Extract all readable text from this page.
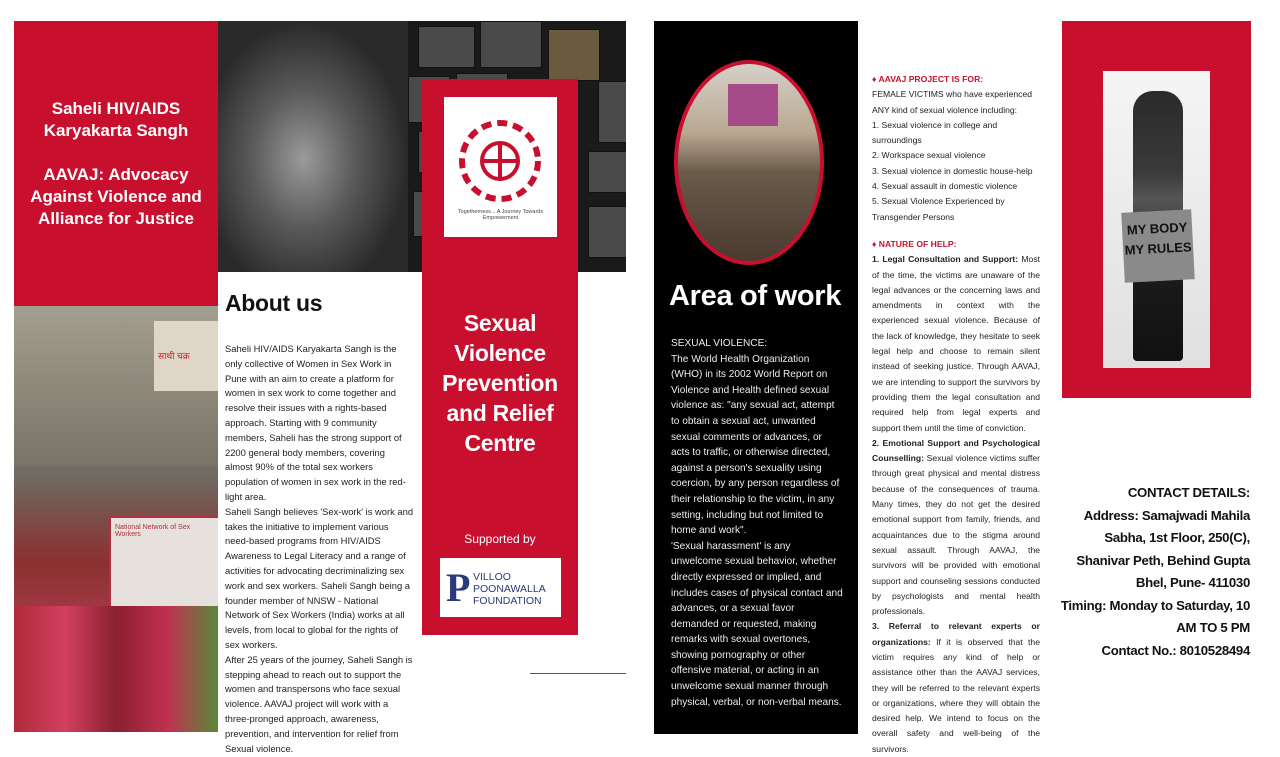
Saheli HIV/AIDS
Karyakarta Sangh
AAVAJ: Advocacy
Against Violence and
Alliance for Justice
साथी चक्र
National Network of Sex Workers
About us

Saheli HIV/AIDS Karyakarta Sangh is the only collective of Women in Sex Work in Pune with an aim to create a platform for women in sex work to come together and resolve their issues with a rights-based approach. Starting with 9 community members, Saheli has the strong support of 2200 general body members, covering almost 90% of the total sex workers population of women in sex work in the red-light area.

Saheli Sangh believes 'Sex-work' is work and takes the initiative to implement various need-based programs from HIV/AIDS Awareness to Legal Literacy and a range of activities for advocating decriminalizing sex work and sex workers. Saheli Sangh being a founder member of NNSW - National Network of Sex Workers (India) works at all levels, from local to global for the rights of sex workers.

After 25 years of the journey, Saheli Sangh is stepping ahead to reach out to support the women and transpersons who face sexual violence. AAVAJ project will work with a three-pronged approach, awareness, prevention, and intervention for relief from Sexual violence.

Togetherness... A Journey Towards Empowerment
Sexual
Violence
Prevention
and Relief
Centre
Supported by
P VILLOO
POONAWALLA
FOUNDATION
Area of work

SEXUAL VIOLENCE:

The World Health Organization (WHO) in its 2002 World Report on Violence and Health defined sexual violence as: "any sexual act, attempt to obtain a sexual act, unwanted sexual comments or advances, or acts to traffic, or otherwise directed, against a person's sexuality using coercion, by any person regardless of their relationship to the victim, in any setting, including but not limited to home and work".

'Sexual harassment' is any unwelcome sexual behavior, whether directly expressed or implied, and includes cases of physical contact and advances, or a sexual favor demanded or requested, making remarks with sexual overtones, showing pornography or other offensive material, or acting in an unwelcome sexual manner through physical, verbal, or non-verbal means.

♦ AAVAJ PROJECT IS FOR:

FEMALE VICTIMS who have experienced ANY kind of sexual violence including:

1. Sexual violence in college and surroundings

2. Workspace sexual violence

3. Sexual violence in domestic house-help

4. Sexual assault in domestic violence

5. Sexual Violence Experienced by Transgender Persons

♦ NATURE OF HELP:

1. Legal Consultation and Support: Most of the time, the victims are unaware of the legal advances or the concerning laws and amendments in context with the experienced sexual violence. Because of the lack of knowledge, they hesitate to seek legal help and choose to remain silent instead of seeking justice. Through AAVAJ, we are intending to support the survivors by providing them the legal consultation and required help from legal experts and support them until the time of conviction.

2. Emotional Support and Psychological Counselling: Sexual violence victims suffer through great physical and mental distress because of the consequences of trauma. Many times, they do not get the desired emotional support from family, friends, and acquaintances due to the stigma around sexual assault. Through AAVAJ, the survivors will be provided with emotional support and counseling sessions conducted by psychologists and mental health professionals.

3. Referral to relevant experts or organizations: If it is observed that the victim requires any kind of help or assistance other than the AAVAJ services, they will be referred to the relevant experts or organizations, where they will obtain the desired help. We intend to focus on the overall safety and well-being of the survivors.

MY BODY
MY RULES

CONTACT DETAILS:

Address: Samajwadi Mahila

Sabha, 1st Floor, 250(C),

Shanivar Peth, Behind Gupta

Bhel, Pune- 411030

Timing: Monday to Saturday, 10

AM TO 5 PM

Contact No.: 8010528494
